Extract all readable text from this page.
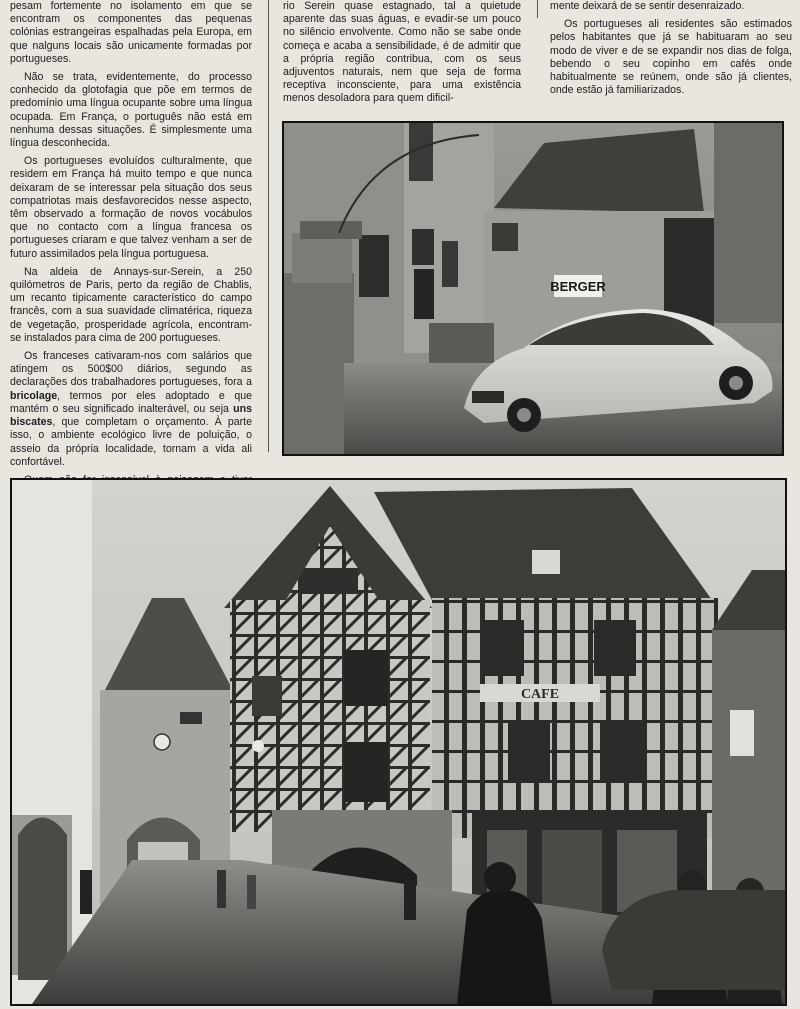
pesam fortemente no isolamento em que se encontram os componentes das pequenas colónias estrangeiras espalhadas pela Europa, em que nalguns locais são unicamente formadas por portugueses.

Não se trata, evidentemente, do processo conhecido da glotofagia que põe em termos de predomínio uma língua ocupante sobre uma língua ocupada. Em França, o português não está em nenhuma dessas situações. É simplesmente uma língua desconhecida.

Os portugueses evoluídos culturalmente, que residem em França há muito tempo e que nunca deixaram de se interessar pela situação dos seus compatriotas mais desfavorecidos nesse aspecto, têm observado a formação de novos vocábulos que no contacto com a língua francesa os portugueses criaram e que talvez venham a ser de futuro assimilados pela língua portuguesa.

Na aldeia de Annays-sur-Serein, a 250 quilómetros de Paris, perto da região de Chablis, um recanto tipicamente característico do campo francês, com a sua suavidade climatérica, riqueza de vegetação, prosperidade agrícola, encontram-se instalados para cima de 200 portugueses.

Os franceses cativaram-nos com salários que atingem os 500$00 diários, segundo as declarações dos trabalhadores portugueses, fora a bricolage, termos por eles adoptado e que mantém o seu significado inalterável, ou seja uns biscates, que completam o orçamento. À parte isso, o ambiente ecológico livre de poluição, o asseio da própria localidade, tornam a vida ali confortável.

rio Serein quase estagnado, tal a quietude aparente das suas águas, e evadir-se um pouco no silêncio envolvente. Como não se sabe onde começa e acaba a sensibilidade, é de admitir que a própria região contribua, com os seus adjuventos naturais, nem que seja de forma receptiva inconsciente, para uma existência menos desoladora para quem dificil-

mente deixará de se sentir desenraizado.

Os portugueses ali residentes são estimados pelos habitantes que já se habituaram ao seu modo de viver e de se expandir nos dias de folga, bebendo o seu copinho em cafés onde habitualmente se reúnem, onde são já clientes, onde estão já familiarizados.

BERGER
CAFE
